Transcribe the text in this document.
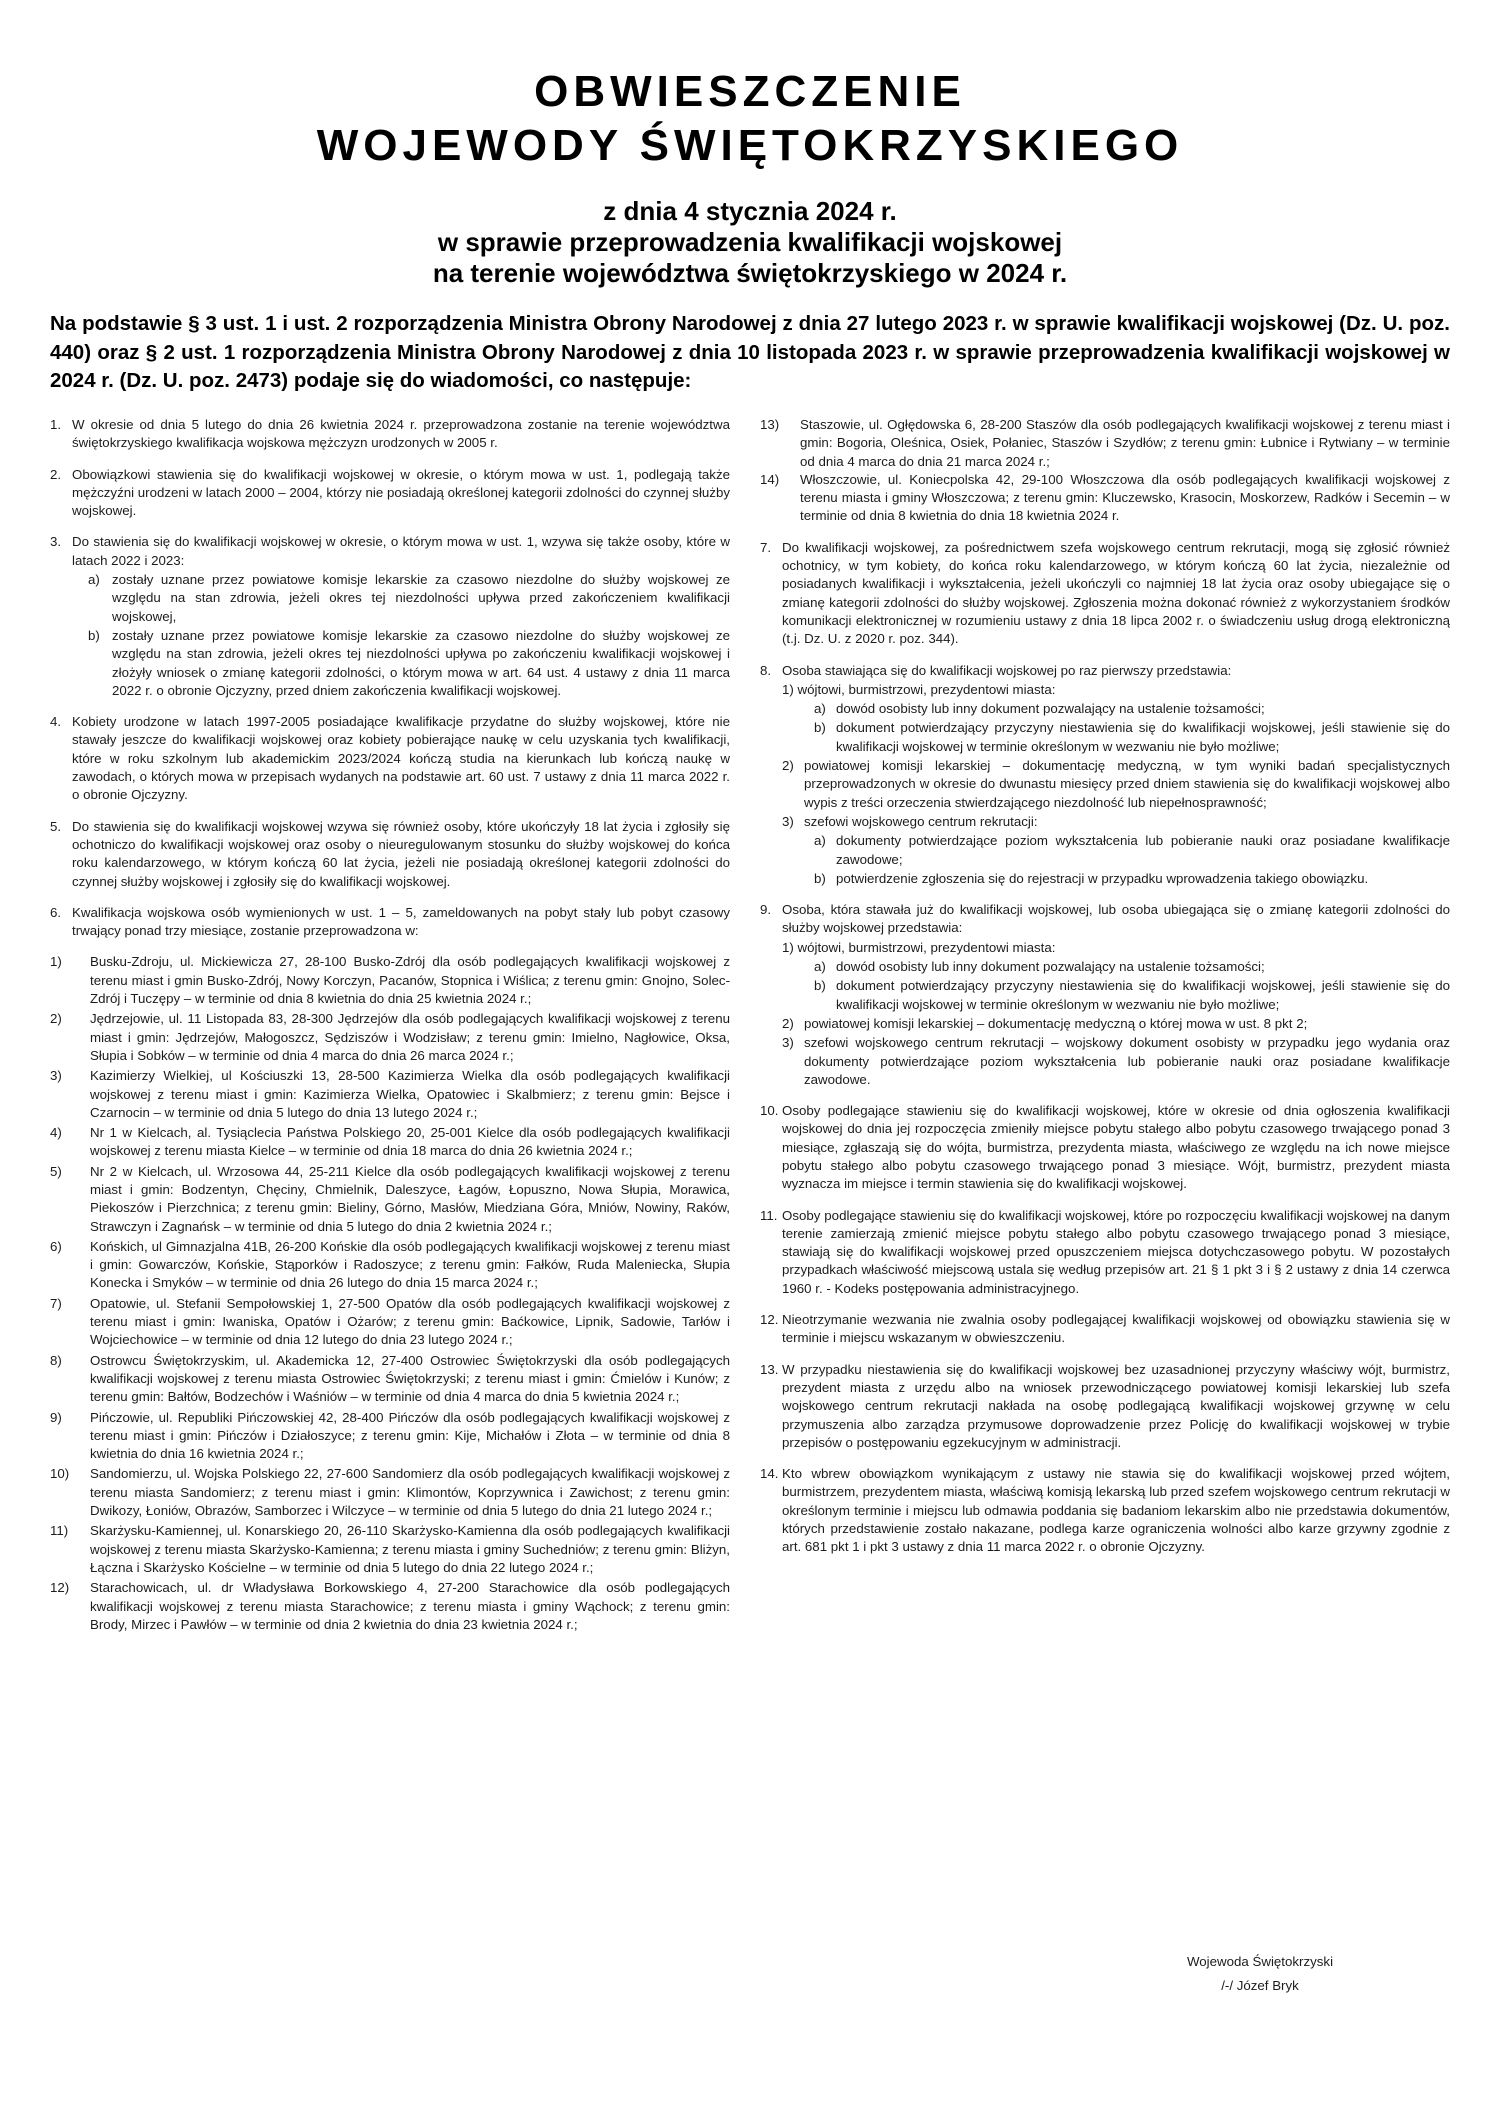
OBWIESZCZENIE
WOJEWODY ŚWIĘTOKRZYSKIEGO
z dnia 4 stycznia 2024 r.
w sprawie przeprowadzenia kwalifikacji wojskowej
na terenie województwa świętokrzyskiego w 2024 r.
Na podstawie § 3 ust. 1 i ust. 2 rozporządzenia Ministra Obrony Narodowej z dnia 27 lutego 2023 r. w sprawie kwalifikacji wojskowej (Dz. U. poz. 440) oraz § 2 ust. 1 rozporządzenia Ministra Obrony Narodowej z dnia 10 listopada 2023 r. w sprawie przeprowadzenia kwalifikacji wojskowej w 2024 r. (Dz. U. poz. 2473) podaje się do wiadomości, co następuje:
1. W okresie od dnia 5 lutego do dnia 26 kwietnia 2024 r. przeprowadzona zostanie na terenie województwa świętokrzyskiego kwalifikacja wojskowa mężczyzn urodzonych w 2005 r.
2. Obowiązkowi stawienia się do kwalifikacji wojskowej w okresie, o którym mowa w ust. 1, podlegają także mężczyźni urodzeni w latach 2000 – 2004, którzy nie posiadają określonej kategorii zdolności do czynnej służby wojskowej.
3. Do stawienia się do kwalifikacji wojskowej w okresie, o którym mowa w ust. 1, wzywa się także osoby, które w latach 2022 i 2023:
a) zostały uznane przez powiatowe komisje lekarskie za czasowo niezdolne do służby wojskowej ze względu na stan zdrowia, jeżeli okres tej niezdolności upływa przed zakończeniem kwalifikacji wojskowej,
b) zostały uznane przez powiatowe komisje lekarskie za czasowo niezdolne do służby wojskowej ze względu na stan zdrowia, jeżeli okres tej niezdolności upływa po zakończeniu kwalifikacji wojskowej i złożyły wniosek o zmianę kategorii zdolności, o którym mowa w art. 64 ust. 4 ustawy z dnia 11 marca 2022 r. o obronie Ojczyzny, przed dniem zakończenia kwalifikacji wojskowej.
4. Kobiety urodzone w latach 1997-2005 posiadające kwalifikacje przydatne do służby wojskowej, które nie stawały jeszcze do kwalifikacji wojskowej oraz kobiety pobierające naukę w celu uzyskania tych kwalifikacji, które w roku szkolnym lub akademickim 2023/2024 kończą studia na kierunkach lub kończą naukę w zawodach, o których mowa w przepisach wydanych na podstawie art. 60 ust. 7 ustawy z dnia 11 marca 2022 r. o obronie Ojczyzny.
5. Do stawienia się do kwalifikacji wojskowej wzywa się również osoby, które ukończyły 18 lat życia i zgłosiły się ochotniczo do kwalifikacji wojskowej oraz osoby o nieuregulowanym stosunku do służby wojskowej do końca roku kalendarzowego, w którym kończą 60 lat życia, jeżeli nie posiadają określonej kategorii zdolności do czynnej służby wojskowej i zgłosiły się do kwalifikacji wojskowej.
6. Kwalifikacja wojskowa osób wymienionych w ust. 1 – 5, zameldowanych na pobyt stały lub pobyt czasowy trwający ponad trzy miesiące, zostanie przeprowadzona w:
1) Busku-Zdroju, ul. Mickiewicza 27, 28-100 Busko-Zdrój dla osób podlegających kwalifikacji wojskowej z terenu miast i gmin Busko-Zdrój, Nowy Korczyn, Pacanów, Stopnica i Wiślica; z terenu gmin: Gnojno, Solec-Zdrój i Tuczępy – w terminie od dnia 8 kwietnia do dnia 25 kwietnia 2024 r.;
2) Jędrzejowie, ul. 11 Listopada 83, 28-300 Jędrzejów dla osób podlegających kwalifikacji wojskowej z terenu miast i gmin: Jędrzejów, Małogoszcz, Sędziszów i Wodzisław; z terenu gmin: Imielno, Nagłowice, Oksa, Słupia i Sobków – w terminie od dnia 4 marca do dnia 26 marca 2024 r.;
3) Kazimierzy Wielkiej, ul Kościuszki 13, 28-500 Kazimierza Wielka dla osób podlegających kwalifikacji wojskowej z terenu miast i gmin: Kazimierza Wielka, Opatowiec i Skalbmierz; z terenu gmin: Bejsce i Czarnocin – w terminie od dnia 5 lutego do dnia 13 lutego 2024 r.;
4) Nr 1 w Kielcach, al. Tysiąclecia Państwa Polskiego 20, 25-001 Kielce dla osób podlegających kwalifikacji wojskowej z terenu miasta Kielce – w terminie od dnia 18 marca do dnia 26 kwietnia 2024 r.;
5) Nr 2 w Kielcach, ul. Wrzosowa 44, 25-211 Kielce dla osób podlegających kwalifikacji wojskowej z terenu miast i gmin: Bodzentyn, Chęciny, Chmielnik, Daleszyce, Łagów, Łopuszno, Nowa Słupia, Morawica, Piekoszów i Pierzchnica; z terenu gmin: Bieliny, Górno, Masłów, Miedziana Góra, Mniów, Nowiny, Raków, Strawczyn i Zagnańsk – w terminie od dnia 5 lutego do dnia 2 kwietnia 2024 r.;
6) Końskich, ul Gimnazjalna 41B, 26-200 Końskie dla osób podlegających kwalifikacji wojskowej z terenu miast i gmin: Gowarczów, Końskie, Stąporków i Radoszyce; z terenu gmin: Fałków, Ruda Maleniecka, Słupia Konecka i Smyków – w terminie od dnia 26 lutego do dnia 15 marca 2024 r.;
7) Opatowie, ul. Stefanii Sempołowskiej 1, 27-500 Opatów dla osób podlegających kwalifikacji wojskowej z terenu miast i gmin: Iwaniska, Opatów i Ożarów; z terenu gmin: Baćkowice, Lipnik, Sadowie, Tarłów i Wojciechowice – w terminie od dnia 12 lutego do dnia 23 lutego 2024 r.;
8) Ostrowcu Świętokrzyskim, ul. Akademicka 12, 27-400 Ostrowiec Świętokrzyski dla osób podlegających kwalifikacji wojskowej z terenu miasta Ostrowiec Świętokrzyski; z terenu miast i gmin: Ćmielów i Kunów; z terenu gmin: Bałtów, Bodzechów i Waśniów – w terminie od dnia 4 marca do dnia 5 kwietnia 2024 r.;
9) Pińczowie, ul. Republiki Pińczowskiej 42, 28-400 Pińczów dla osób podlegających kwalifikacji wojskowej z terenu miast i gmin: Pińczów i Działoszyce; z terenu gmin: Kije, Michałów i Złota – w terminie od dnia 8 kwietnia do dnia 16 kwietnia 2024 r.;
10) Sandomierzu, ul. Wojska Polskiego 22, 27-600 Sandomierz dla osób podlegających kwalifikacji wojskowej z terenu miasta Sandomierz; z terenu miast i gmin: Klimontów, Koprzywnica i Zawichost; z terenu gmin: Dwikozy, Łoniów, Obrazów, Samborzec i Wilczyce – w terminie od dnia 5 lutego do dnia 21 lutego 2024 r.;
11) Skarżysku-Kamiennej, ul. Konarskiego 20, 26-110 Skarżysko-Kamienna dla osób podlegających kwalifikacji wojskowej z terenu miasta Skarżysko-Kamienna; z terenu miasta i gminy Suchedniów; z terenu gmin: Bliżyn, Łączna i Skarżysko Kościelne – w terminie od dnia 5 lutego do dnia 22 lutego 2024 r.;
12) Starachowicach, ul. dr Władysława Borkowskiego 4, 27-200 Starachowice dla osób podlegających kwalifikacji wojskowej z terenu miasta Starachowice; z terenu miasta i gminy Wąchock; z terenu gmin: Brody, Mirzec i Pawłów – w terminie od dnia 2 kwietnia do dnia 23 kwietnia 2024 r.;
13) Staszowie, ul. Ogłędowska 6, 28-200 Staszów dla osób podlegających kwalifikacji wojskowej z terenu miast i gmin: Bogoria, Oleśnica, Osiek, Połaniec, Staszów i Szydłów; z terenu gmin: Łubnice i Rytwiany – w terminie od dnia 4 marca do dnia 21 marca 2024 r.;
14) Włoszczowie, ul. Koniecpolska 42, 29-100 Włoszczowa dla osób podlegających kwalifikacji wojskowej z terenu miasta i gminy Włoszczowa; z terenu gmin: Kluczewsko, Krasocin, Moskorzew, Radków i Secemin – w terminie od dnia 8 kwietnia do dnia 18 kwietnia 2024 r.
7. Do kwalifikacji wojskowej, za pośrednictwem szefa wojskowego centrum rekrutacji, mogą się zgłosić również ochotnicy, w tym kobiety, do końca roku kalendarzowego, w którym kończą 60 lat życia, niezależnie od posiadanych kwalifikacji i wykształcenia, jeżeli ukończyli co najmniej 18 lat życia oraz osoby ubiegające się o zmianę kategorii zdolności do służby wojskowej. Zgłoszenia można dokonać również z wykorzystaniem środków komunikacji elektronicznej w rozumieniu ustawy z dnia 18 lipca 2002 r. o świadczeniu usług drogą elektroniczną (t.j. Dz. U. z 2020 r. poz. 344).
8. Osoba stawiająca się do kwalifikacji wojskowej po raz pierwszy przedstawia:
1) wójtowi, burmistrzowi, prezydentowi miasta:
a) dowód osobisty lub inny dokument pozwalający na ustalenie tożsamości;
b) dokument potwierdzający przyczyny niestawienia się do kwalifikacji wojskowej, jeśli stawienie się do kwalifikacji wojskowej w terminie określonym w wezwaniu nie było możliwe;
2) powiatowej komisji lekarskiej – dokumentację medyczną, w tym wyniki badań specjalistycznych przeprowadzonych w okresie do dwunastu miesięcy przed dniem stawienia się do kwalifikacji wojskowej albo wypis z treści orzeczenia stwierdzającego niezdolność lub niepełnosprawność;
3) szefowi wojskowego centrum rekrutacji:
a) dokumenty potwierdzające poziom wykształcenia lub pobieranie nauki oraz posiadane kwalifikacje zawodowe;
b) potwierdzenie zgłoszenia się do rejestracji w przypadku wprowadzenia takiego obowiązku.
9. Osoba, która stawała już do kwalifikacji wojskowej, lub osoba ubiegająca się o zmianę kategorii zdolności do służby wojskowej przedstawia:
1) wójtowi, burmistrzowi, prezydentowi miasta:
a) dowód osobisty lub inny dokument pozwalający na ustalenie tożsamości;
b) dokument potwierdzający przyczyny niestawienia się do kwalifikacji wojskowej, jeśli stawienie się do kwalifikacji wojskowej w terminie określonym w wezwaniu nie było możliwe;
2) powiatowej komisji lekarskiej – dokumentację medyczną o której mowa w ust. 8 pkt 2;
3) szefowi wojskowego centrum rekrutacji – wojskowy dokument osobisty w przypadku jego wydania oraz dokumenty potwierdzające poziom wykształcenia lub pobieranie nauki oraz posiadane kwalifikacje zawodowe.
10. Osoby podlegające stawieniu się do kwalifikacji wojskowej, które w okresie od dnia ogłoszenia kwalifikacji wojskowej do dnia jej rozpoczęcia zmieniły miejsce pobytu stałego albo pobytu czasowego trwającego ponad 3 miesiące, zgłaszają się do wójta, burmistrza, prezydenta miasta, właściwego ze względu na ich nowe miejsce pobytu stałego albo pobytu czasowego trwającego ponad 3 miesiące. Wójt, burmistrz, prezydent miasta wyznacza im miejsce i termin stawienia się do kwalifikacji wojskowej.
11. Osoby podlegające stawieniu się do kwalifikacji wojskowej, które po rozpoczęciu kwalifikacji wojskowej na danym terenie zamierzają zmienić miejsce pobytu stałego albo pobytu czasowego trwającego ponad 3 miesiące, stawiają się do kwalifikacji wojskowej przed opuszczeniem miejsca dotychczasowego pobytu. W pozostałych przypadkach właściwość miejscową ustala się według przepisów art. 21 § 1 pkt 3 i § 2 ustawy z dnia 14 czerwca 1960 r. - Kodeks postępowania administracyjnego.
12. Nieotrzymanie wezwania nie zwalnia osoby podlegającej kwalifikacji wojskowej od obowiązku stawienia się w terminie i miejscu wskazanym w obwieszczeniu.
13. W przypadku niestawienia się do kwalifikacji wojskowej bez uzasadnionej przyczyny właściwy wójt, burmistrz, prezydent miasta z urzędu albo na wniosek przewodniczącego powiatowej komisji lekarskiej lub szefa wojskowego centrum rekrutacji nakłada na osobę podlegającą kwalifikacji wojskowej grzywnę w celu przymuszenia albo zarządza przymusowe doprowadzenie przez Policję do kwalifikacji wojskowej w trybie przepisów o postępowaniu egzekucyjnym w administracji.
14. Kto wbrew obowiązkom wynikającym z ustawy nie stawia się do kwalifikacji wojskowej przed wójtem, burmistrzem, prezydentem miasta, właściwą komisją lekarską lub przed szefem wojskowego centrum rekrutacji w określonym terminie i miejscu lub odmawia poddania się badaniom lekarskim albo nie przedstawia dokumentów, których przedstawienie zostało nakazane, podlega karze ograniczenia wolności albo karze grzywny zgodnie z art. 681 pkt 1 i pkt 3 ustawy z dnia 11 marca 2022 r. o obronie Ojczyzny.
Wojewoda Świętokrzyski
/-/ Józef Bryk
